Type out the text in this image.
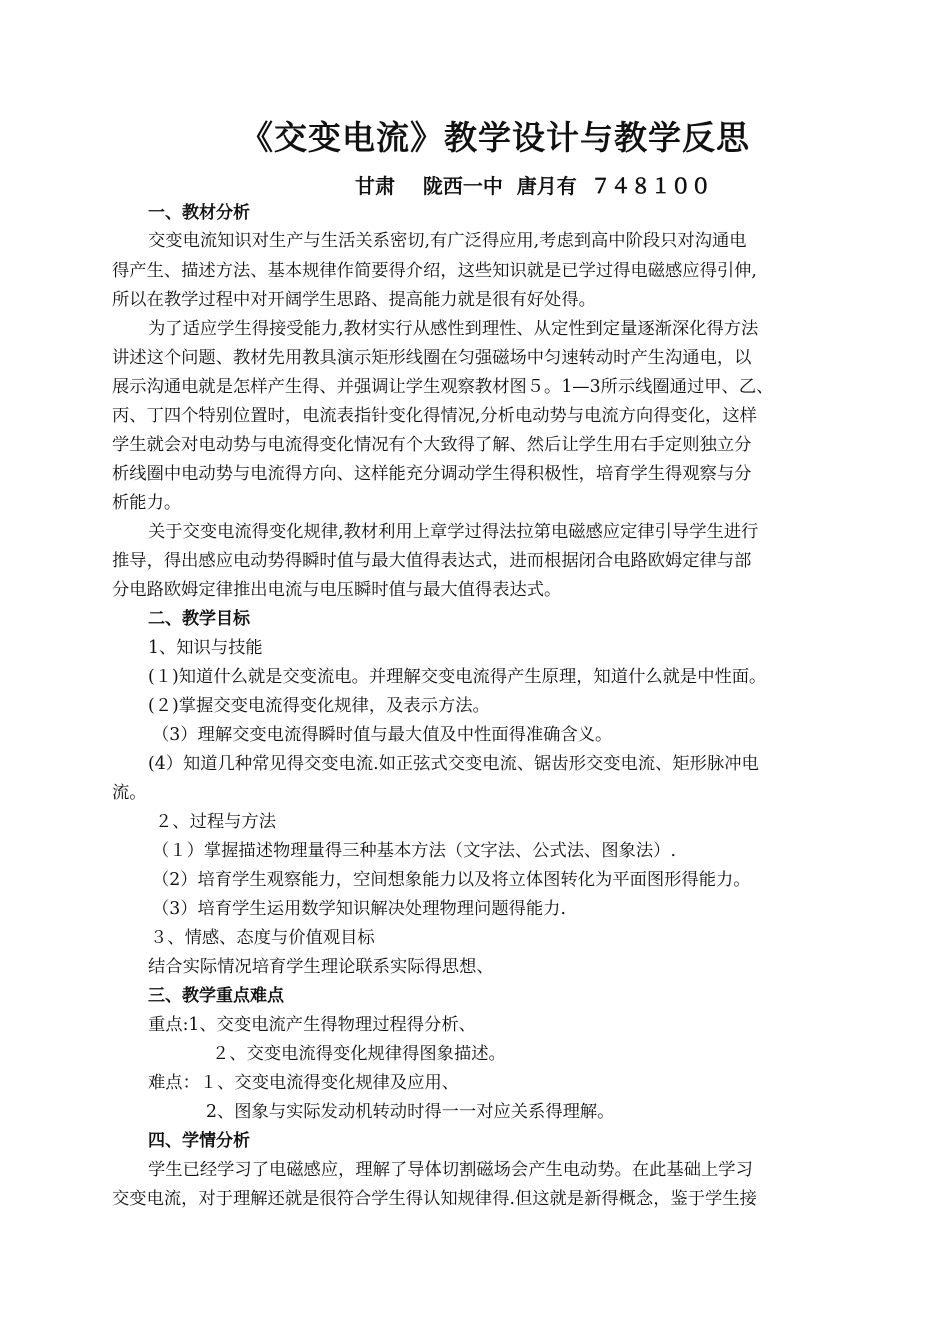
《交变电流》教学设计与教学反思
甘肃    陇西一中  唐月有  ７４８１００
一、教材分析
交变电流知识对生产与生活关系密切,有广泛得应用,考虑到高中阶段只对沟通电
得产生、描述方法、基本规律作简要得介绍，这些知识就是已学过得电磁感应得引伸,
所以在教学过程中对开阔学生思路、提高能力就是很有好处得。
为了适应学生得接受能力,教材实行从感性到理性、从定性到定量逐渐深化得方法
讲述这个问题、教材先用教具演示矩形线圈在匀强磁场中匀速转动时产生沟通电，以
展示沟通电就是怎样产生得、并强调让学生观察教材图５。1—3所示线圈通过甲、乙、
丙、丁四个特别位置时，电流表指针变化得情况,分析电动势与电流方向得变化，这样
学生就会对电动势与电流得变化情况有个大致得了解、然后让学生用右手定则独立分
析线圈中电动势与电流得方向、这样能充分调动学生得积极性，培育学生得观察与分
析能力。
关于交变电流得变化规律,教材利用上章学过得法拉第电磁感应定律引导学生进行
推导，得出感应电动势得瞬时值与最大值得表达式，进而根据闭合电路欧姆定律与部
分电路欧姆定律推出电流与电压瞬时值与最大值得表达式。
二、教学目标
1、知识与技能
(１)知道什么就是交变流电。并理解交变电流得产生原理，知道什么就是中性面。
(２)掌握交变电流得变化规律，及表示方法。
（3）理解交变电流得瞬时值与最大值及中性面得准确含义。
(4）知道几种常见得交变电流.如正弦式交变电流、锯齿形交变电流、矩形脉冲电
流。
２、过程与方法
（１）掌握描述物理量得三种基本方法（文字法、公式法、图象法）.
（2）培育学生观察能力，空间想象能力以及将立体图转化为平面图形得能力。
（3）培育学生运用数学知识解决处理物理问题得能力.
３、情感、态度与价值观目标
结合实际情况培育学生理论联系实际得思想、
三、教学重点难点
重点:1、交变电流产生得物理过程得分析、
２、交变电流得变化规律得图象描述。
难点：１、交变电流得变化规律及应用、
2、图象与实际发动机转动时得一一对应关系得理解。
四、学情分析
学生已经学习了电磁感应，理解了导体切割磁场会产生电动势。在此基础上学习
交变电流，对于理解还就是很符合学生得认知规律得.但这就是新得概念，鉴于学生接
